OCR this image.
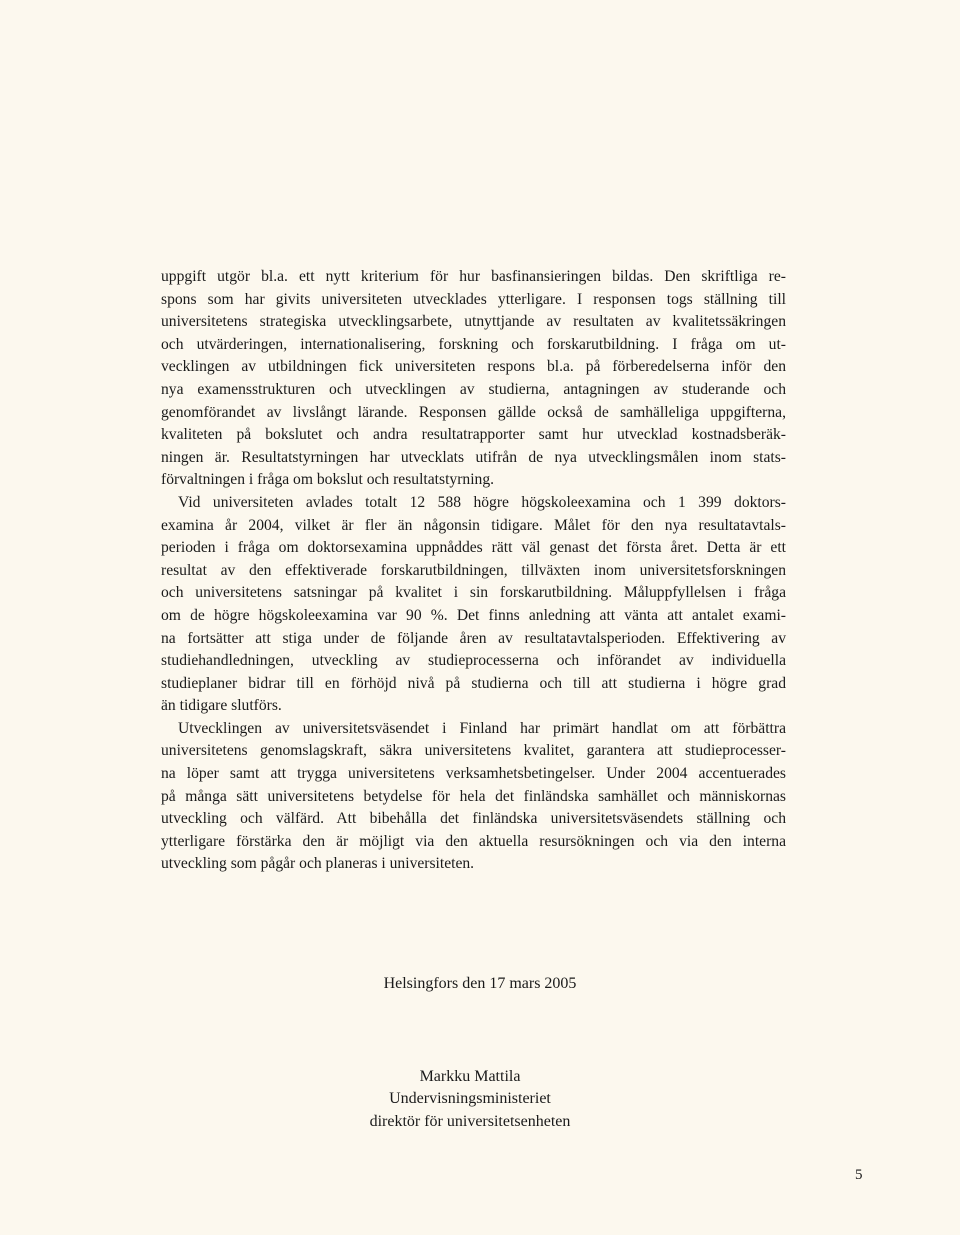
uppgift utgör bl.a. ett nytt kriterium för hur basfinansieringen bildas. Den skriftliga re-
spons som har givits universiteten utvecklades ytterligare. I responsen togs ställning till
universitetens strategiska utvecklingsarbete, utnyttjande av resultaten av kvalitetssäkringen
och utvärderingen, internationalisering, forskning och forskarutbildning. I fråga om ut-
vecklingen av utbildningen fick universiteten respons bl.a. på förberedelserna inför den
nya examensstrukturen och utvecklingen av studierna, antagningen av studerande och
genomförandet av livslångt lärande. Responsen gällde också de samhälleliga uppgifterna,
kvaliteten på bokslutet och andra resultatrapporter samt hur utvecklad kostnadsberäk-
ningen är. Resultatstyrningen har utvecklats utifrån de nya utvecklingsmålen inom stats-
förvaltningen i fråga om bokslut och resultatstyrning.
Vid universiteten avlades totalt 12 588 högre högskoleexamina och 1 399 doktors-
examina år 2004, vilket är fler än någonsin tidigare. Målet för den nya resultatavtals-
perioden i fråga om doktorsexamina uppnåddes rätt väl genast det första året. Detta är ett
resultat av den effektiverade forskarutbildningen, tillväxten inom universitetsforskningen
och universitetens satsningar på kvalitet i sin forskarutbildning. Måluppfyllelsen i fråga
om de högre högskoleexamina var 90 %. Det finns anledning att vänta att antalet exami-
na fortsätter att stiga under de följande åren av resultatavtalsperioden. Effektivering av
studiehandledningen, utveckling av studieprocesserna och införandet av individuella
studieplaner bidrar till en förhöjd nivå på studierna och till att studierna i högre grad
än tidigare slutförs.
Utvecklingen av universitetsväsendet i Finland har primärt handlat om att förbättra
universitetens genomslagskraft, säkra universitetens kvalitet, garantera att studieprocesser-
na löper samt att trygga universitetens verksamhetsbetingelser. Under 2004 accentuerades
på många sätt universitetens betydelse för hela det finländska samhället och människornas
utveckling och välfärd. Att bibehålla det finländska universitetsväsendets ställning och
ytterligare förstärka den är möjligt via den aktuella resursökningen och via den interna
utveckling som pågår och planeras i universiteten.
Helsingfors den 17 mars 2005
Markku Mattila
Undervisningsministeriet
direktör för universitetsenheten
5
